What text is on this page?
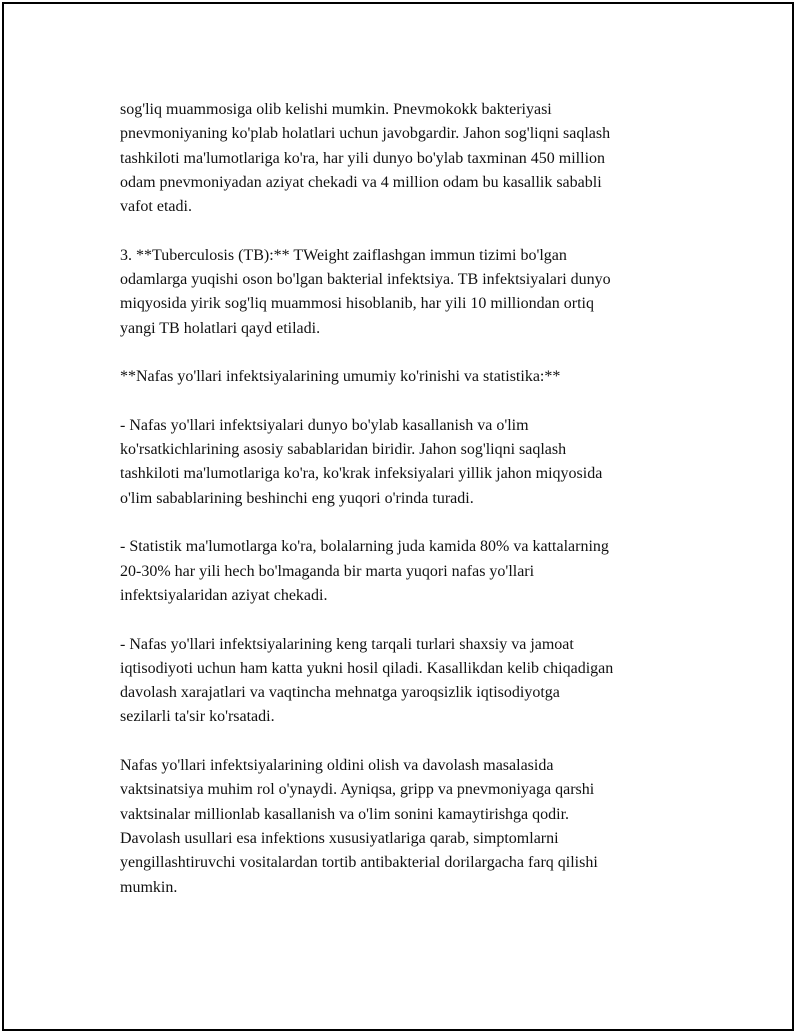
sog'liq muammosiga olib kelishi mumkin. Pnevmokokk bakteriyasi
pnevmoniyaning ko'plab holatlari uchun javobgardir. Jahon sog'liqni saqlash
tashkiloti ma'lumotlariga ko'ra, har yili dunyo bo'ylab taxminan 450 million
odam pnevmoniyadan aziyat chekadi va 4 million odam bu kasallik sababli
vafot etadi.

3. **Tuberculosis (TB):** TWeight zaiflashgan immun tizimi bo'lgan
odamlarga yuqishi oson bo'lgan bakterial infektsiya. TB infektsiyalari dunyo
miqyosida yirik sog'liq muammosi hisoblanib, har yili 10 milliondan ortiq
yangi TB holatlari qayd etiladi.

**Nafas yo'llari infektsiyalarining umumiy ko'rinishi va statistika:**

- Nafas yo'llari infektsiyalari dunyo bo'ylab kasallanish va o'lim
ko'rsatkichlarining asosiy sabablaridan biridir. Jahon sog'liqni saqlash
tashkiloti ma'lumotlariga ko'ra, ko'krak infeksiyalari yillik jahon miqyosida
o'lim sabablarining beshinchi eng yuqori o'rinda turadi.

- Statistik ma'lumotlarga ko'ra, bolalarning juda kamida 80% va kattalarning
20-30% har yili hech bo'lmaganda bir marta yuqori nafas yo'llari
infektsiyalaridan aziyat chekadi.

- Nafas yo'llari infektsiyalarining keng tarqali turlari shaxsiy va jamoat
iqtisodiyoti uchun ham katta yukni hosil qiladi. Kasallikdan kelib chiqadigan
davolash xarajatlari va vaqtincha mehnatga yaroqsizlik iqtisodiyotga
sezilarli ta'sir ko'rsatadi.

Nafas yo'llari infektsiyalarining oldini olish va davolash masalasida
vaktsinatsiya muhim rol o'ynaydi. Ayniqsa, gripp va pnevmoniyaga qarshi
vaktsinalar millionlab kasallanish va o'lim sonini kamaytirishga qodir.
Davolash usullari esa infektions xususiyatlariga qarab, simptomlarni
yengillashtiruvchi vositalardan tortib antibakterial dorilargacha farq qilishi
mumkin.
